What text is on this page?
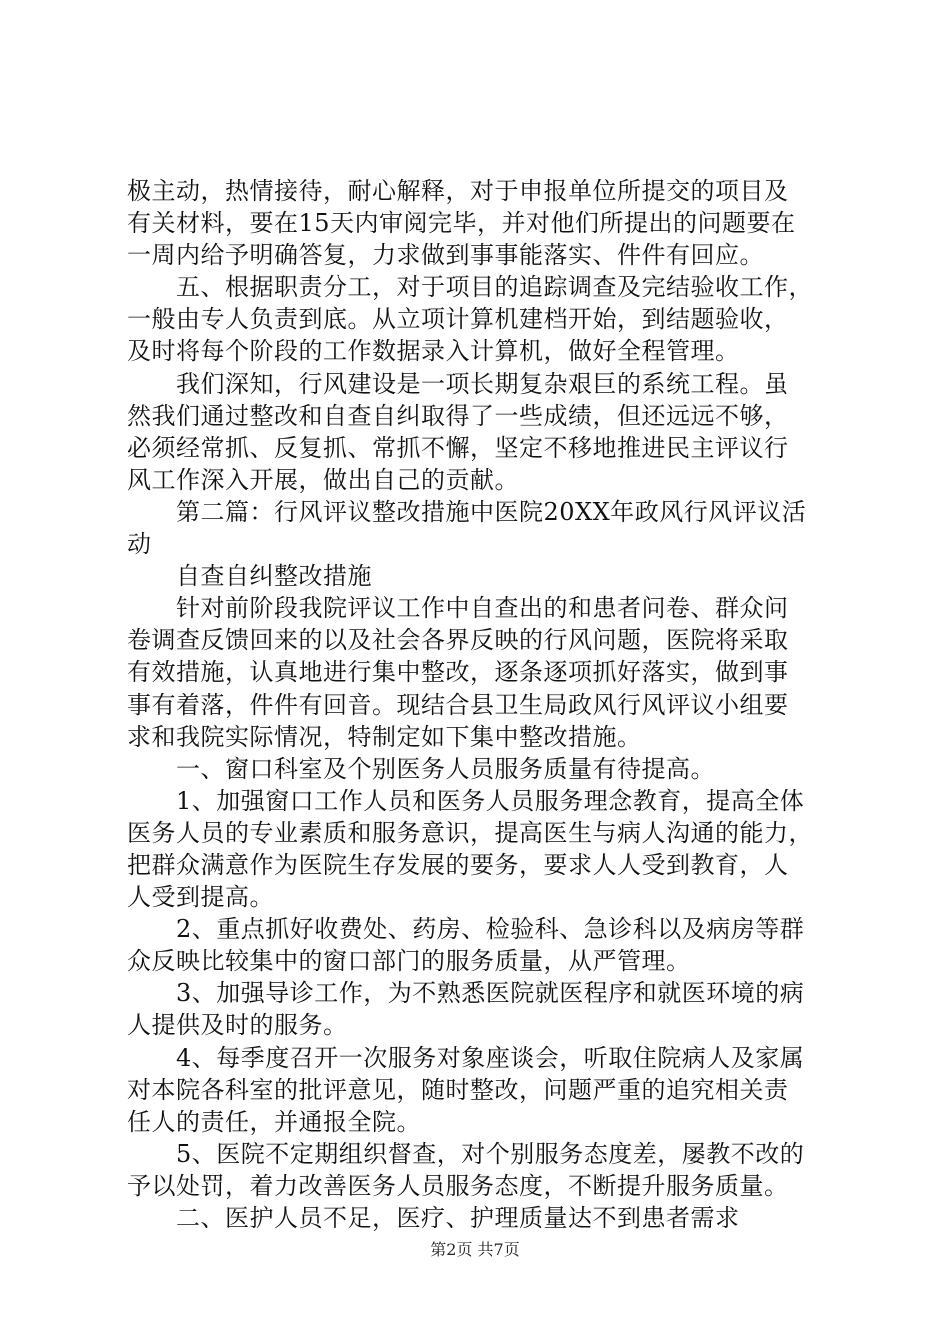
极主动，热情接待，耐心解释，对于申报单位所提交的项目及
有关材料，要在15天内审阅完毕，并对他们所提出的问题要在
一周内给予明确答复，力求做到事事能落实、件件有回应。
　　五、根据职责分工，对于项目的追踪调查及完结验收工作，
一般由专人负责到底。从立项计算机建档开始，到结题验收，
及时将每个阶段的工作数据录入计算机，做好全程管理。
　　我们深知，行风建设是一项长期复杂艰巨的系统工程。虽
然我们通过整改和自查自纠取得了一些成绩，但还远远不够，
必须经常抓、反复抓、常抓不懈，坚定不移地推进民主评议行
风工作深入开展，做出自己的贡献。
　　第二篇：行风评议整改措施中医院20XX年政风行风评议活
动
　　自查自纠整改措施
　　针对前阶段我院评议工作中自查出的和患者问卷、群众问
卷调查反馈回来的以及社会各界反映的行风问题，医院将采取
有效措施，认真地进行集中整改，逐条逐项抓好落实，做到事
事有着落，件件有回音。现结合县卫生局政风行风评议小组要
求和我院实际情况，特制定如下集中整改措施。
　　一、窗口科室及个别医务人员服务质量有待提高。
　　1、加强窗口工作人员和医务人员服务理念教育，提高全体
医务人员的专业素质和服务意识，提高医生与病人沟通的能力，
把群众满意作为医院生存发展的要务，要求人人受到教育，人
人受到提高。
　　2、重点抓好收费处、药房、检验科、急诊科以及病房等群
众反映比较集中的窗口部门的服务质量，从严管理。
　　3、加强导诊工作，为不熟悉医院就医程序和就医环境的病
人提供及时的服务。
　　4、每季度召开一次服务对象座谈会，听取住院病人及家属
对本院各科室的批评意见，随时整改，问题严重的追究相关责
任人的责任，并通报全院。
　　5、医院不定期组织督查，对个别服务态度差，屡教不改的
予以处罚，着力改善医务人员服务态度，不断提升服务质量。
　　二、医护人员不足，医疗、护理质量达不到患者需求
第2页 共7页
